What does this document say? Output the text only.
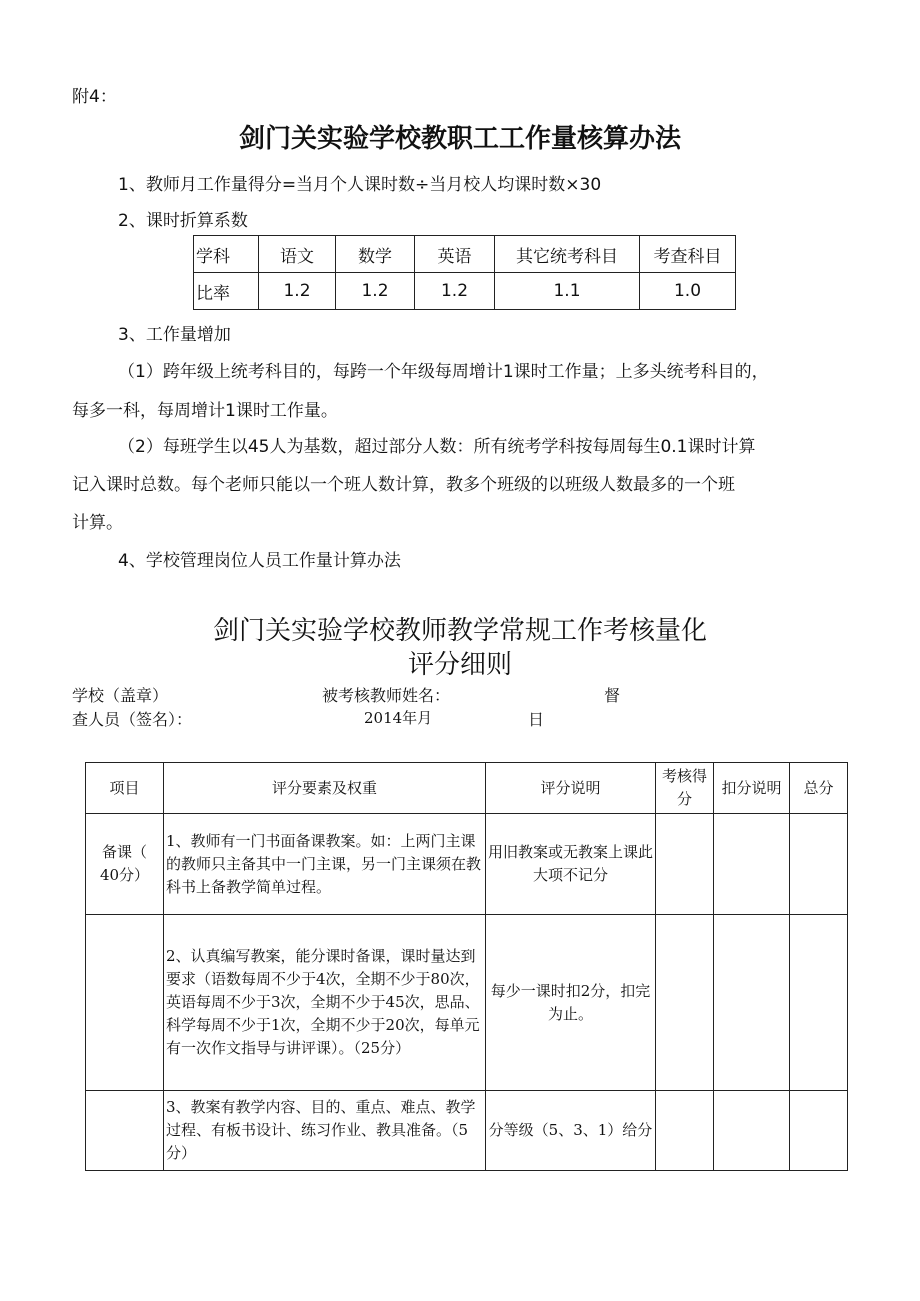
附4：
剑门关实验学校教职工工作量核算办法
1、教师月工作量得分=当月个人课时数÷当月校人均课时数×30
2、课时折算系数
学科	语文	数学	英语	其它统考科目	考查科目
比率	1.2	1.2	1.2	1.1	1.0
3、工作量增加
（1）跨年级上统考科目的，每跨一个年级每周增计1课时工作量；上多头统考科目的，
每多一科，每周增计1课时工作量。
（2）每班学生以45人为基数，超过部分人数：所有统考学科按每周每生0.1课时计算
记入课时总数。每个老师只能以一个班人数计算，教多个班级的以班级人数最多的一个班
计算。
4、学校管理岗位人员工作量计算办法
剑门关实验学校教师教学常规工作考核量化
评分细则
学校（盖章）	被考核教师姓名：	督
查人员（签名）：	2014年月	日
项目	评分要素及权重	评分说明	考核得分	扣分说明	总分
备课（
40分）	1、教师有一门书面备课教案。如：上两门主课的教师只主备其中一门主课，另一门主课须在教科书上备教学简单过程。	用旧教案或无教案上课此大项不记分			
	2、认真编写教案，能分课时备课，课时量达到要求（语数每周不少于4次，全期不少于80次，英语每周不少于3次，全期不少于45次，思品、科学每周不少于1次，全期不少于20次，每单元有一次作文指导与讲评课）。（25分）	每少一课时扣2分，扣完为止。			
	3、教案有教学内容、目的、重点、难点、教学过程、有板书设计、练习作业、教具准备。（5分）	分等级（5、3、1）给分			
